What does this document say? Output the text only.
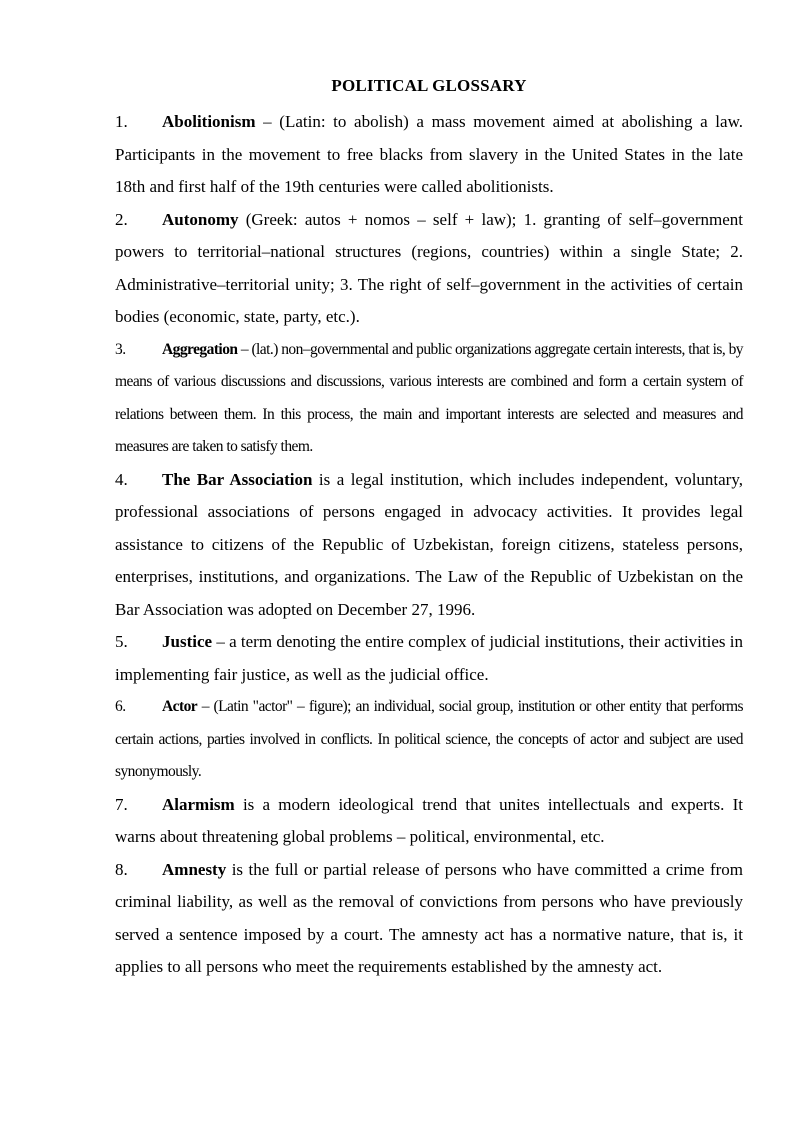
POLITICAL GLOSSARY

1. Abolitionism – (Latin: to abolish) a mass movement aimed at abolishing a law. Participants in the movement to free blacks from slavery in the United States in the late 18th and first half of the 19th centuries were called abolitionists.

2. Autonomy (Greek: autos + nomos – self + law); 1. granting of self–government powers to territorial–national structures (regions, countries) within a single State; 2. Administrative–territorial unity; 3. The right of self–government in the activities of certain bodies (economic, state, party, etc.).

3. Aggregation – (lat.) non–governmental and public organizations aggregate certain interests, that is, by means of various discussions and discussions, various interests are combined and form a certain system of relations between them. In this process, the main and important interests are selected and measures and measures are taken to satisfy them.

4. The Bar Association is a legal institution, which includes independent, voluntary, professional associations of persons engaged in advocacy activities. It provides legal assistance to citizens of the Republic of Uzbekistan, foreign citizens, stateless persons, enterprises, institutions, and organizations. The Law of the Republic of Uzbekistan on the Bar Association was adopted on December 27, 1996.

5. Justice – a term denoting the entire complex of judicial institutions, their activities in implementing fair justice, as well as the judicial office.

6. Actor – (Latin "actor" – figure); an individual, social group, institution or other entity that performs certain actions, parties involved in conflicts. In political science, the concepts of actor and subject are used synonymously.

7. Alarmism is a modern ideological trend that unites intellectuals and experts. It warns about threatening global problems – political, environmental, etc.

8. Amnesty is the full or partial release of persons who have committed a crime from criminal liability, as well as the removal of convictions from persons who have previously served a sentence imposed by a court. The amnesty act has a normative nature, that is, it applies to all persons who meet the requirements established by the amnesty act.
